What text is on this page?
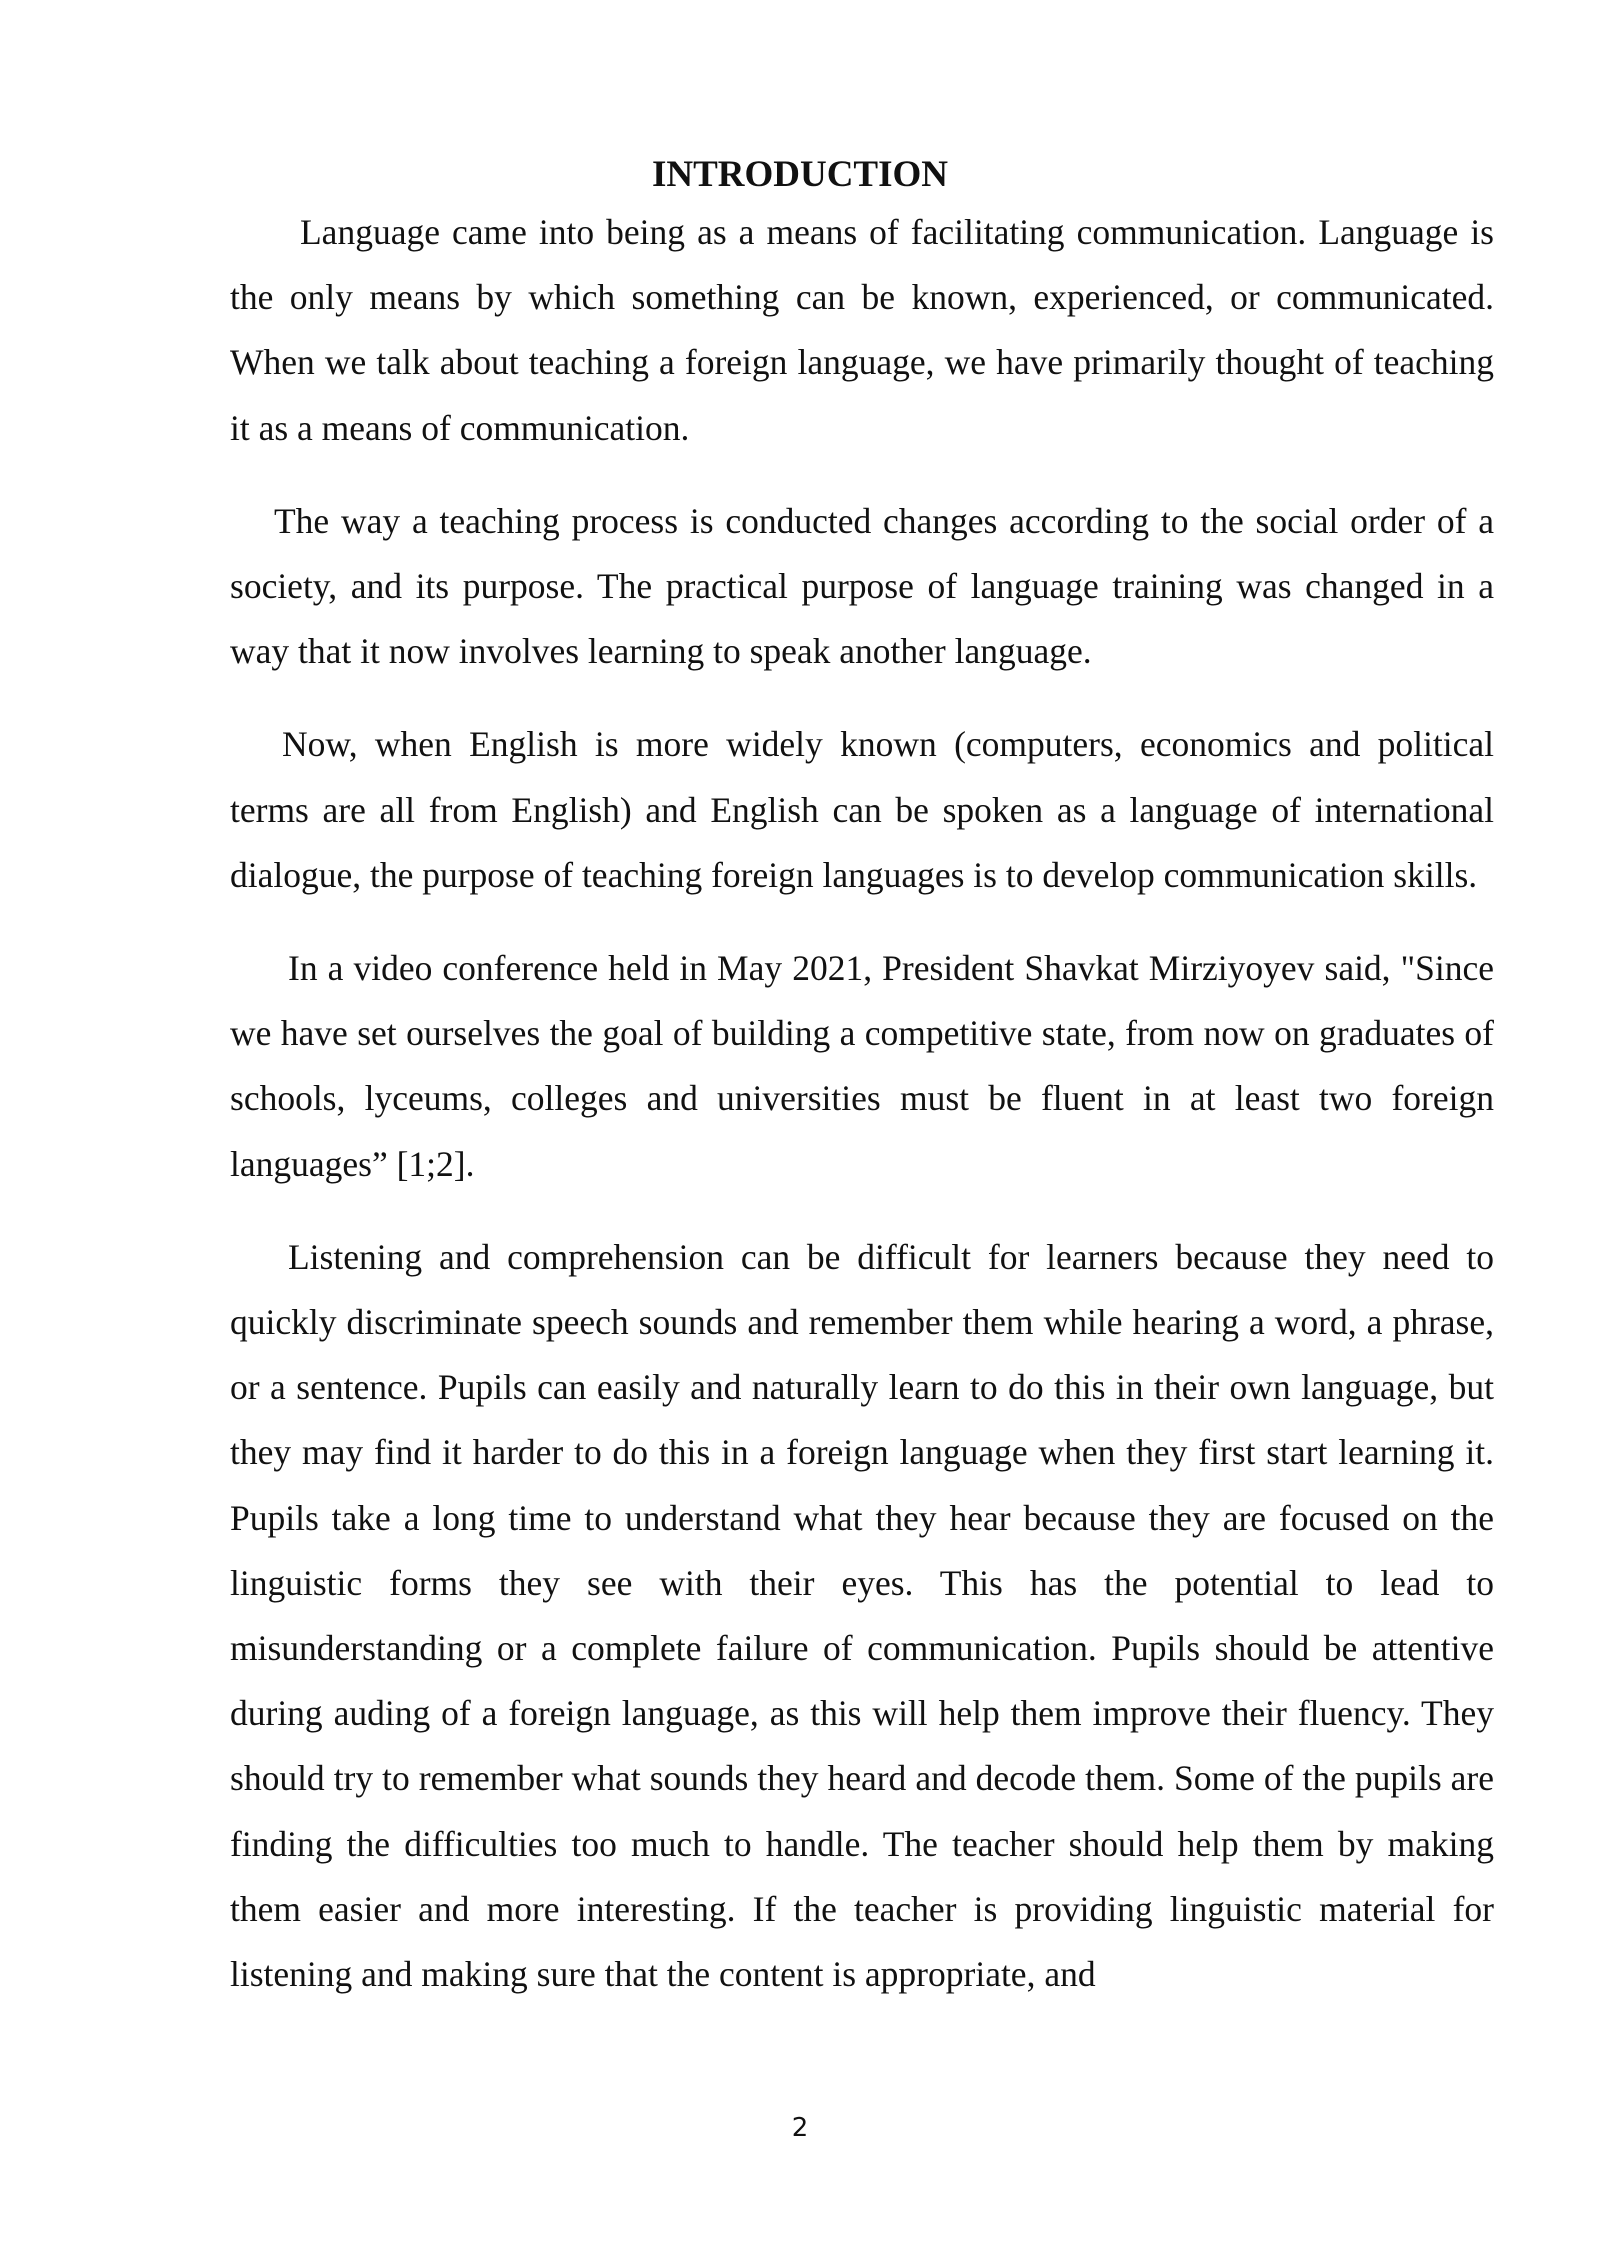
INTRODUCTION

Language came into being as a means of facilitating communication. Language is the only means by which something can be known, experienced, or communicated. When we talk about teaching a foreign language, we have primarily thought of teaching it as a means of communication.

The way a teaching process is conducted changes according to the social order of a society, and its purpose. The practical purpose of language training was changed in a way that it now involves learning to speak another language.

Now, when English is more widely known (computers, economics and political terms are all from English) and English can be spoken as a language of international dialogue, the purpose of teaching foreign languages is to develop communication skills.

In a video conference held in May 2021, President Shavkat Mirziyoyev said, "Since we have set ourselves the goal of building a competitive state, from now on graduates of schools, lyceums, colleges and universities must be fluent in at least two foreign languages” [1;2].

Listening and comprehension can be difficult for learners because they need to quickly discriminate speech sounds and remember them while hearing a word, a phrase, or a sentence. Pupils can easily and naturally learn to do this in their own language, but they may find it harder to do this in a foreign language when they first start learning it. Pupils take a long time to understand what they hear because they are focused on the linguistic forms they see with their eyes. This has the potential to lead to misunderstanding or a complete failure of communication. Pupils should be attentive during auding of a foreign language, as this will help them improve their fluency. They should try to remember what sounds they heard and decode them. Some of the pupils are finding the difficulties too much to handle. The teacher should help them by making them easier and more interesting. If the teacher is providing linguistic material for listening and making sure that the content is appropriate, and

2
